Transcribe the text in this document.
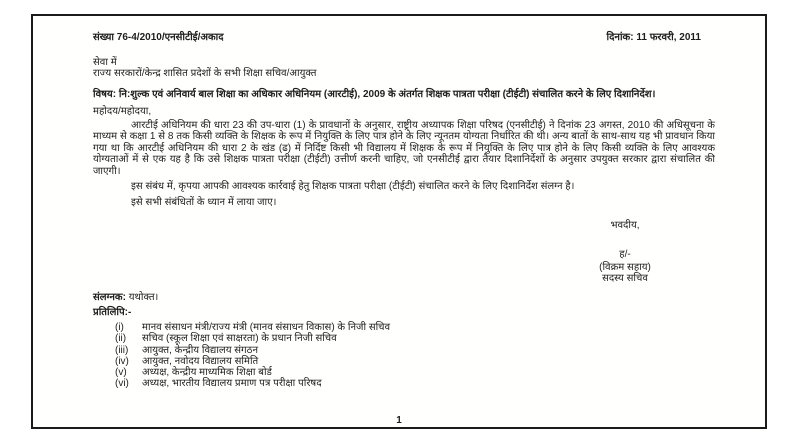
संख्या 76-4/2010/एनसीटीई/अकाद	दिनांक: 11 फरवरी, 2011
सेवा में
राज्य सरकारों/केन्द्र शासित प्रदेशों के सभी शिक्षा सचिव/आयुक्त

विषय: नि:शुल्क एवं अनिवार्य बाल शिक्षा का अधिकार अधिनियम (आरटीई), 2009 के अंतर्गत शिक्षक पात्रता परीक्षा (टीईटी) संचालित करने के लिए दिशानिर्देश।

महोदय/महोदया,

आरटीई अधिनियम की धारा 23 की उप-धारा (1) के प्रावधानों के अनुसार, राष्ट्रीय अध्यापक शिक्षा परिषद (एनसीटीई) ने दिनांक 23 अगस्त, 2010 की अधिसूचना के माध्यम से कक्षा 1 से 8 तक किसी व्यक्ति के शिक्षक के रूप में नियुक्ति के लिए पात्र होने के लिए न्यूनतम योग्यता निर्धारित की थी। अन्य बातों के साथ-साथ यह भी प्रावधान किया गया था कि आरटीई अधिनियम की धारा 2 के खंड (ढ) में निर्दिष्ट किसी भी विद्यालय में शिक्षक के रूप में नियुक्ति के लिए पात्र होने के लिए किसी व्यक्ति के लिए आवश्यक योग्यताओं में से एक यह है कि उसे शिक्षक पात्रता परीक्षा (टीईटी) उत्तीर्ण करनी चाहिए, जो एनसीटीई द्वारा तैयार दिशानिर्देशों के अनुसार उपयुक्त सरकार द्वारा संचालित की जाएगी।

इस संबंध में, कृपया आपकी आवश्यक कार्रवाई हेतु शिक्षक पात्रता परीक्षा (टीईटी) संचालित करने के लिए दिशानिर्देश संलग्न है।

इसे सभी संबंधितों के ध्यान में लाया जाए।

भवदीय,
ह/-
(विक्रम सहाय)
सदस्य सचिव
संलग्नक: यथोक्त।
प्रतिलिपि:-
(i)	मानव संसाधन मंत्री/राज्य मंत्री (मानव संसाधन विकास) के निजी सचिव
(ii)	सचिव (स्कूल शिक्षा एवं साक्षरता) के प्रधान निजी सचिव
(iii)	आयुक्त, केन्द्रीय विद्यालय संगठन
(iv)	आयुक्त, नवोदय विद्यालय समिति
(v)	अध्यक्ष, केन्द्रीय माध्यमिक शिक्षा बोर्ड
(vi)	अध्यक्ष, भारतीय विद्यालय प्रमाण पत्र परीक्षा परिषद
1
